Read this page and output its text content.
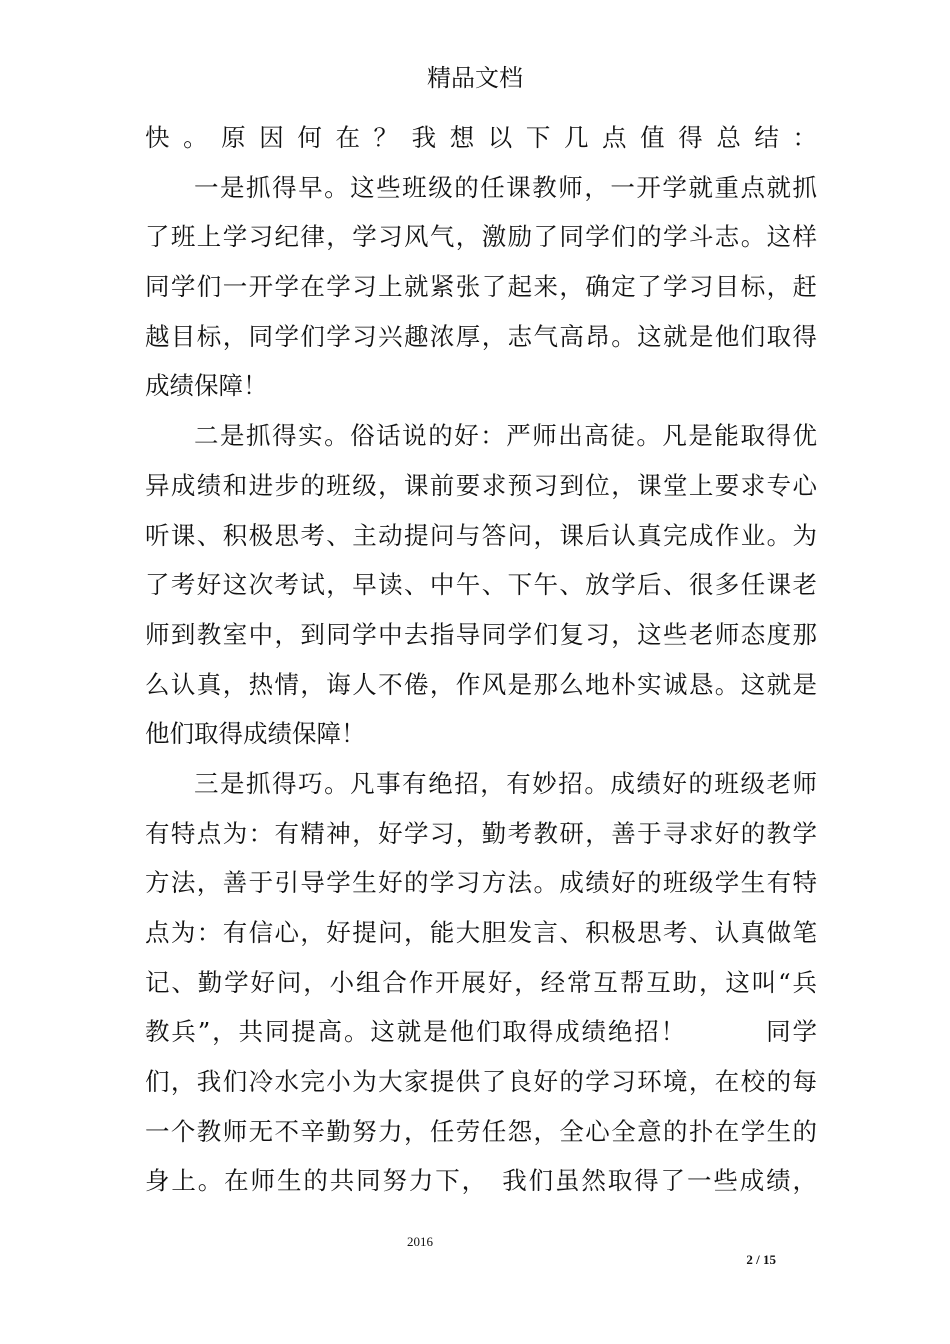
精品文档
快。原因何在？我想以下几点值得总结：
一是抓得早。这些班级的任课教师，一开学就重点就抓
了班上学习纪律，学习风气，激励了同学们的学斗志。这样
同学们一开学在学习上就紧张了起来，确定了学习目标，赶
越目标，同学们学习兴趣浓厚，志气高昂。这就是他们取得
成绩保障！
二是抓得实。俗话说的好：严师出高徒。凡是能取得优
异成绩和进步的班级，课前要求预习到位，课堂上要求专心
听课、积极思考、主动提问与答问，课后认真完成作业。为
了考好这次考试，早读、中午、下午、放学后、很多任课老
师到教室中，到同学中去指导同学们复习，这些老师态度那
么认真，热情，诲人不倦，作风是那么地朴实诚恳。这就是
他们取得成绩保障！
三是抓得巧。凡事有绝招，有妙招。成绩好的班级老师
有特点为：有精神，好学习，勤考教研，善于寻求好的教学
方法，善于引导学生好的学习方法。成绩好的班级学生有特
点为：有信心，好提问，能大胆发言、积极思考、认真做笔
记、勤学好问，小组合作开展好，经常互帮互助，这叫“兵
教兵”，共同提高。这就是他们取得成绩绝招！　　　同学
们，我们冷水完小为大家提供了良好的学习环境，在校的每
一个教师无不辛勤努力，任劳任怨，全心全意的扑在学生的
身上。在师生的共同努力下，　我们虽然取得了一些成绩，
2016
2 / 15
